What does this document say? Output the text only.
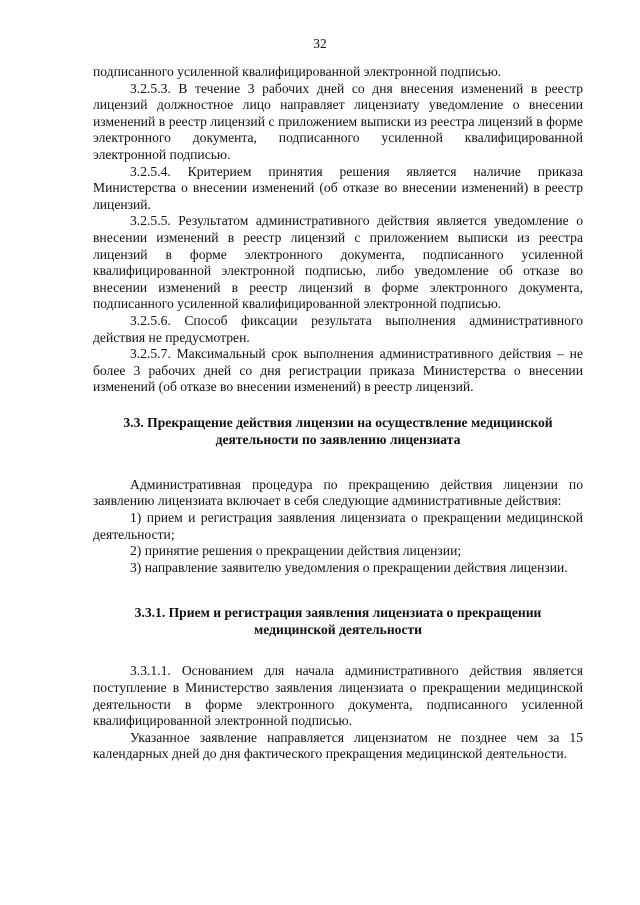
32

подписанного усиленной квалифицированной электронной подписью.

3.2.5.3. В течение 3 рабочих дней со дня внесения изменений в реестр лицензий должностное лицо направляет лицензиату уведомление о внесении изменений в реестр лицензий с приложением выписки из реестра лицензий в форме электронного документа, подписанного усиленной квалифицированной электронной подписью.

3.2.5.4. Критерием принятия решения является наличие приказа Министерства о внесении изменений (об отказе во внесении изменений) в реестр лицензий.

3.2.5.5. Результатом административного действия является уведомление о внесении изменений в реестр лицензий с приложением выписки из реестра лицензий в форме электронного документа, подписанного усиленной квалифицированной электронной подписью, либо уведомление об отказе во внесении изменений в реестр лицензий в форме электронного документа, подписанного усиленной квалифицированной электронной подписью.

3.2.5.6. Способ фиксации результата выполнения административного действия не предусмотрен.

3.2.5.7. Максимальный срок выполнения административного действия – не более 3 рабочих дней со дня регистрации приказа Министерства о внесении изменений (об отказе во внесении изменений) в реестр лицензий.

3.3. Прекращение действия лицензии на осуществление медицинской
деятельности по заявлению лицензиата

Административная процедура по прекращению действия лицензии по заявлению лицензиата включает в себя следующие административные действия:

1) прием и регистрация заявления лицензиата о прекращении медицинской деятельности;

2) принятие решения о прекращении действия лицензии;

3) направление заявителю уведомления о прекращении действия лицензии.

3.3.1. Прием и регистрация заявления лицензиата о прекращении
медицинской деятельности

3.3.1.1. Основанием для начала административного действия является поступление в Министерство заявления лицензиата о прекращении медицинской деятельности в форме электронного документа, подписанного усиленной квалифицированной электронной подписью.

Указанное заявление направляется лицензиатом не позднее чем за 15 календарных дней до дня фактического прекращения медицинской деятельности.
